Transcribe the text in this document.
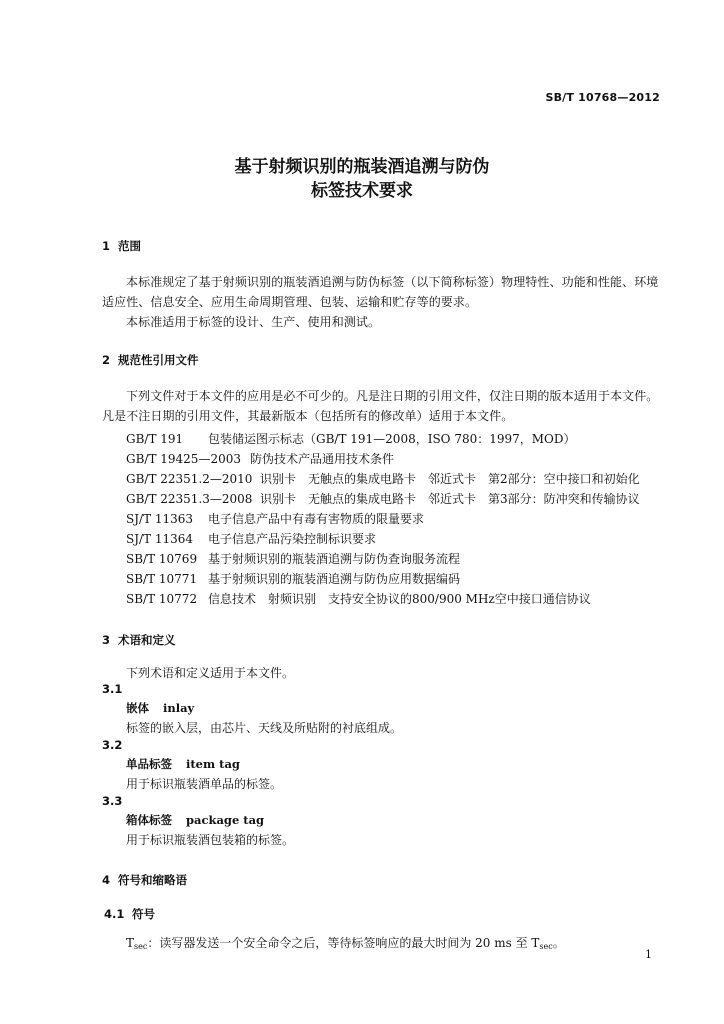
SB/T 10768—2012
基于射频识别的瓶装酒追溯与防伪
标签技术要求
1 范围
本标准规定了基于射频识别的瓶装酒追溯与防伪标签（以下简称标签）物理特性、功能和性能、环境适应性、信息安全、应用生命周期管理、包装、运输和贮存等的要求。
本标准适用于标签的设计、生产、使用和测试。
2 规范性引用文件
下列文件对于本文件的应用是必不可少的。凡是注日期的引用文件，仅注日期的版本适用于本文件。凡是不注日期的引用文件，其最新版本（包括所有的修改单）适用于本文件。
GB/T 191 包装储运图示标志（GB/T 191—2008，ISO 780：1997，MOD）
GB/T 19425—2003 防伪技术产品通用技术条件
GB/T 22351.2—2010 识别卡　无触点的集成电路卡　邻近式卡　第2部分：空中接口和初始化
GB/T 22351.3—2008 识别卡　无触点的集成电路卡　邻近式卡　第3部分：防冲突和传输协议
SJ/T 11363 电子信息产品中有毒有害物质的限量要求
SJ/T 11364 电子信息产品污染控制标识要求
SB/T 10769 基于射频识别的瓶装酒追溯与防伪查询服务流程
SB/T 10771 基于射频识别的瓶装酒追溯与防伪应用数据编码
SB/T 10772 信息技术　射频识别　支持安全协议的800/900 MHz空中接口通信协议
3 术语和定义
下列术语和定义适用于本文件。
3.1
嵌体 inlay
标签的嵌入层，由芯片、天线及所贴附的衬底组成。
3.2
单品标签 item tag
用于标识瓶装酒单品的标签。
3.3
箱体标签 package tag
用于标识瓶装酒包装箱的标签。
4 符号和缩略语
4.1 符号
$T_{sec}$：读写器发送一个安全命令之后，等待标签响应的最大时间为 20 ms 至 $T_{sec}$。
1
